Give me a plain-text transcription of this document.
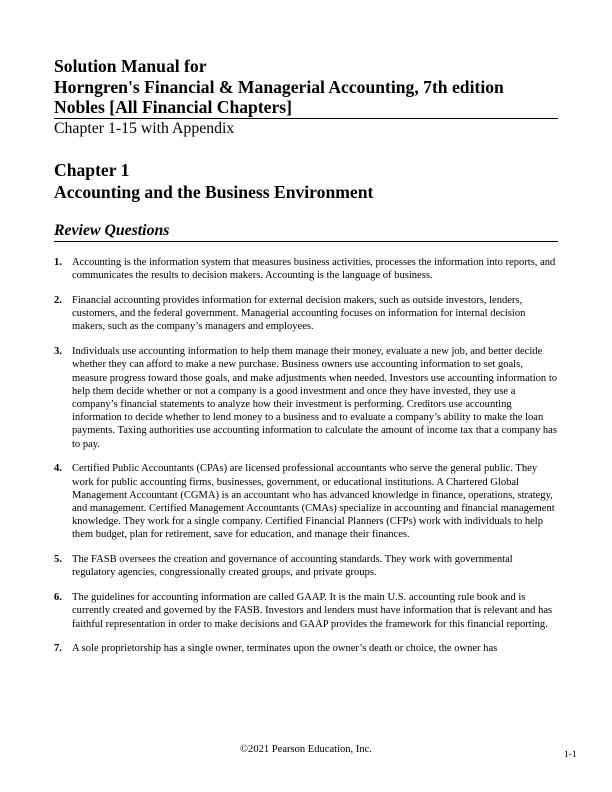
Solution Manual for
Horngren's Financial & Managerial Accounting, 7th edition
Nobles [All Financial Chapters]
Chapter 1-15 with Appendix
Chapter 1
Accounting and the Business Environment
Review Questions
1. Accounting is the information system that measures business activities, processes the information into reports, and communicates the results to decision makers. Accounting is the language of business.
2. Financial accounting provides information for external decision makers, such as outside investors, lenders, customers, and the federal government. Managerial accounting focuses on information for internal decision makers, such as the company’s managers and employees.
3. Individuals use accounting information to help them manage their money, evaluate a new job, and better decide whether they can afford to make a new purchase. Business owners use accounting information to set goals, measure progress toward those goals, and make adjustments when needed. Investors use accounting information to help them decide whether or not a company is a good investment and once they have invested, they use a company’s financial statements to analyze how their investment is performing. Creditors use accounting information to decide whether to lend money to a business and to evaluate a company’s ability to make the loan payments. Taxing authorities use accounting information to calculate the amount of income tax that a company has to pay.
4. Certified Public Accountants (CPAs) are licensed professional accountants who serve the general public. They work for public accounting firms, businesses, government, or educational institutions. A Chartered Global Management Accountant (CGMA) is an accountant who has advanced knowledge in finance, operations, strategy, and management. Certified Management Accountants (CMAs) specialize in accounting and financial management knowledge. They work for a single company. Certified Financial Planners (CFPs) work with individuals to help them budget, plan for retirement, save for education, and manage their finances.
5. The FASB oversees the creation and governance of accounting standards. They work with governmental regulatory agencies, congressionally created groups, and private groups.
6. The guidelines for accounting information are called GAAP. It is the main U.S. accounting rule book and is currently created and governed by the FASB. Investors and lenders must have information that is relevant and has faithful representation in order to make decisions and GAAP provides the framework for this financial reporting.
7. A sole proprietorship has a single owner, terminates upon the owner’s death or choice, the owner has
©2021 Pearson Education, Inc.	1-1
